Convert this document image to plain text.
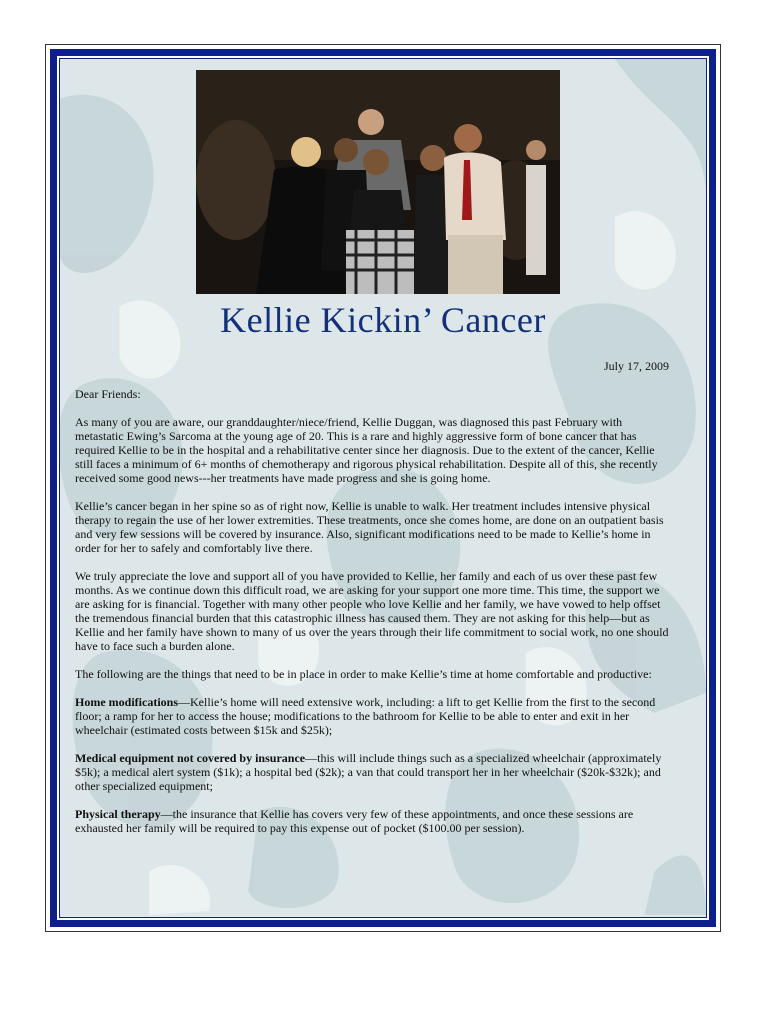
Kellie Kickin’ Cancer

July 17, 2009

Dear Friends:

As many of you are aware, our granddaughter/niece/friend, Kellie Duggan, was diagnosed this past February with metastatic Ewing’s Sarcoma at the young age of 20. This is a rare and highly aggressive form of bone cancer that has required Kellie to be in the hospital and a rehabilitative center since her diagnosis. Due to the extent of the cancer, Kellie still faces a minimum of 6+ months of chemotherapy and rigorous physical rehabilitation. Despite all of this, she recently received some good news---her treatments have made progress and she is going home.

Kellie’s cancer began in her spine so as of right now, Kellie is unable to walk. Her treatment includes intensive physical therapy to regain the use of her lower extremities. These treatments, once she comes home, are done on an outpatient basis and very few sessions will be covered by insurance. Also, significant modifications need to be made to Kellie’s home in order for her to safely and comfortably live there.

We truly appreciate the love and support all of you have provided to Kellie, her family and each of us over these past few months. As we continue down this difficult road, we are asking for your support one more time. This time, the support we are asking for is financial. Together with many other people who love Kellie and her family, we have vowed to help offset the tremendous financial burden that this catastrophic illness has caused them. They are not asking for this help—but as Kellie and her family have shown to many of us over the years through their life commitment to social work, no one should have to face such a burden alone.

The following are the things that need to be in place in order to make Kellie’s time at home comfortable and productive:

Home modifications—Kellie’s home will need extensive work, including: a lift to get Kellie from the first to the second floor; a ramp for her to access the house; modifications to the bathroom for Kellie to be able to enter and exit in her wheelchair (estimated costs between $15k and $25k);

Medical equipment not covered by insurance—this will include things such as a specialized wheelchair (approximately $5k); a medical alert system ($1k); a hospital bed ($2k); a van that could transport her in her wheelchair ($20k-$32k); and other specialized equipment;

Physical therapy—the insurance that Kellie has covers very few of these appointments, and once these sessions are exhausted her family will be required to pay this expense out of pocket ($100.00 per session).
